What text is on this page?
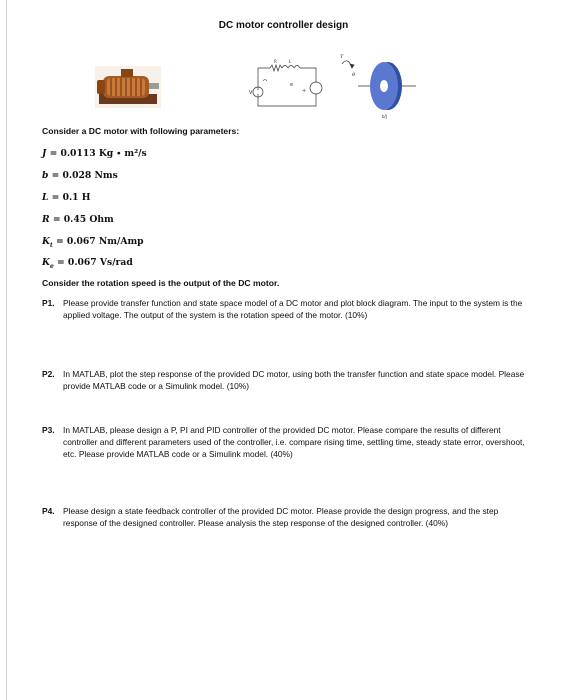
DC motor controller design
V
R	L
+
e
T
θ
b/J
Consider a DC motor with following parameters:
J = 0.0113 Kg ∙ m²/s
b = 0.028 Nms
L = 0.1 H
R = 0.45 Ohm
$K_t = 0.067$ Nm/Amp
$K_e = 0.067$ Vs/rad
Consider the rotation speed is the output of the DC motor.
P1.	Please provide transfer function and state space model of a DC motor and plot block diagram. The input to the system is the applied voltage. The output of the system is the rotation speed of the motor. (10%)
P2.	In MATLAB, plot the step response of the provided DC motor, using both the transfer function and state space model. Please provide MATLAB code or a Simulink model. (10%)
P3.	In MATLAB, please design a P, PI and PID controller of the provided DC motor. Please compare the results of different controller and different parameters used of the controller, i.e. compare rising time, settling time, steady state error, overshoot, etc. Please provide MATLAB code or a Simulink model. (40%)
P4.	Please design a state feedback controller of the provided DC motor. Please provide the design progress, and the step response of the designed controller. Please analysis the step response of the designed controller. (40%)
